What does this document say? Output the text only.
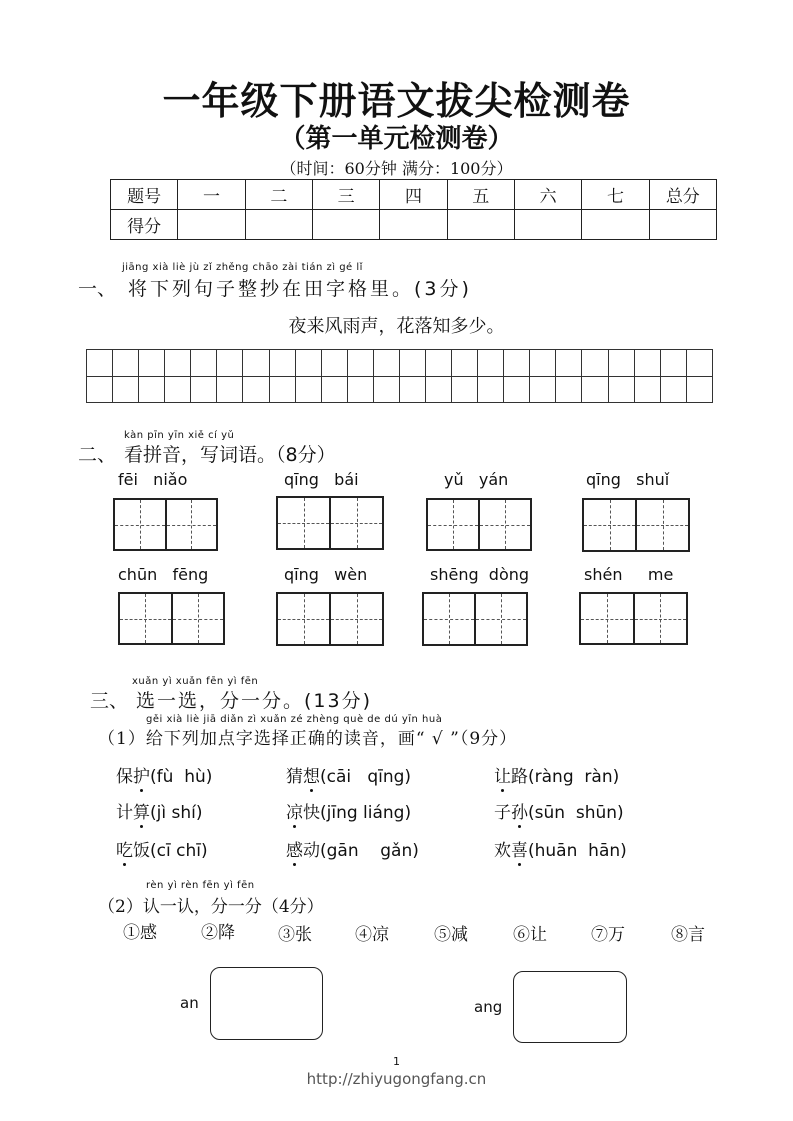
一年级下册语文拔尖检测卷
（第一单元检测卷）
（时间：60分钟 满分：100分）
题号	一	二	三	四	五	六	七	总分
得分								
jiāng xià liè jù zǐ zhěng chāo zài tián zì gé lǐ
一、 将下列句子整抄在田字格里。(3分)
夜来风雨声，花落知多少。
kàn pīn yīn xiě cí yǔ
二、 看拼音，写词语。（8分）
fēi   niǎo	qīng   bái	yǔ   yán	qīng   shuǐ
chūn   fēng	qīng   wèn	shēng  dòng	shén     me
xuǎn yì xuǎn fēn yì fēn
三、 选一选，分一分。(13分)
gěi xià liè jiā diǎn zì xuǎn zé zhèng què de dú yīn huà
（1）给下列加点字选择正确的读音，画“ √ ”（9分）
保护(fù  hù)	猜想(cāi   qīng)	让路(ràng  ràn)
计算(jì shí)	凉快(jīng liáng)	子孙(sūn  shūn)
吃饭(cī chī)	感动(gān    gǎn)	欢喜(huān  hān)
rèn yì rèn fēn yì fēn
（2）认一认，分一分（4分）
①感	②降	③张	④凉	⑤减	⑥让	⑦万	⑧言
an	ang
1
http://zhiyugongfang.cn
